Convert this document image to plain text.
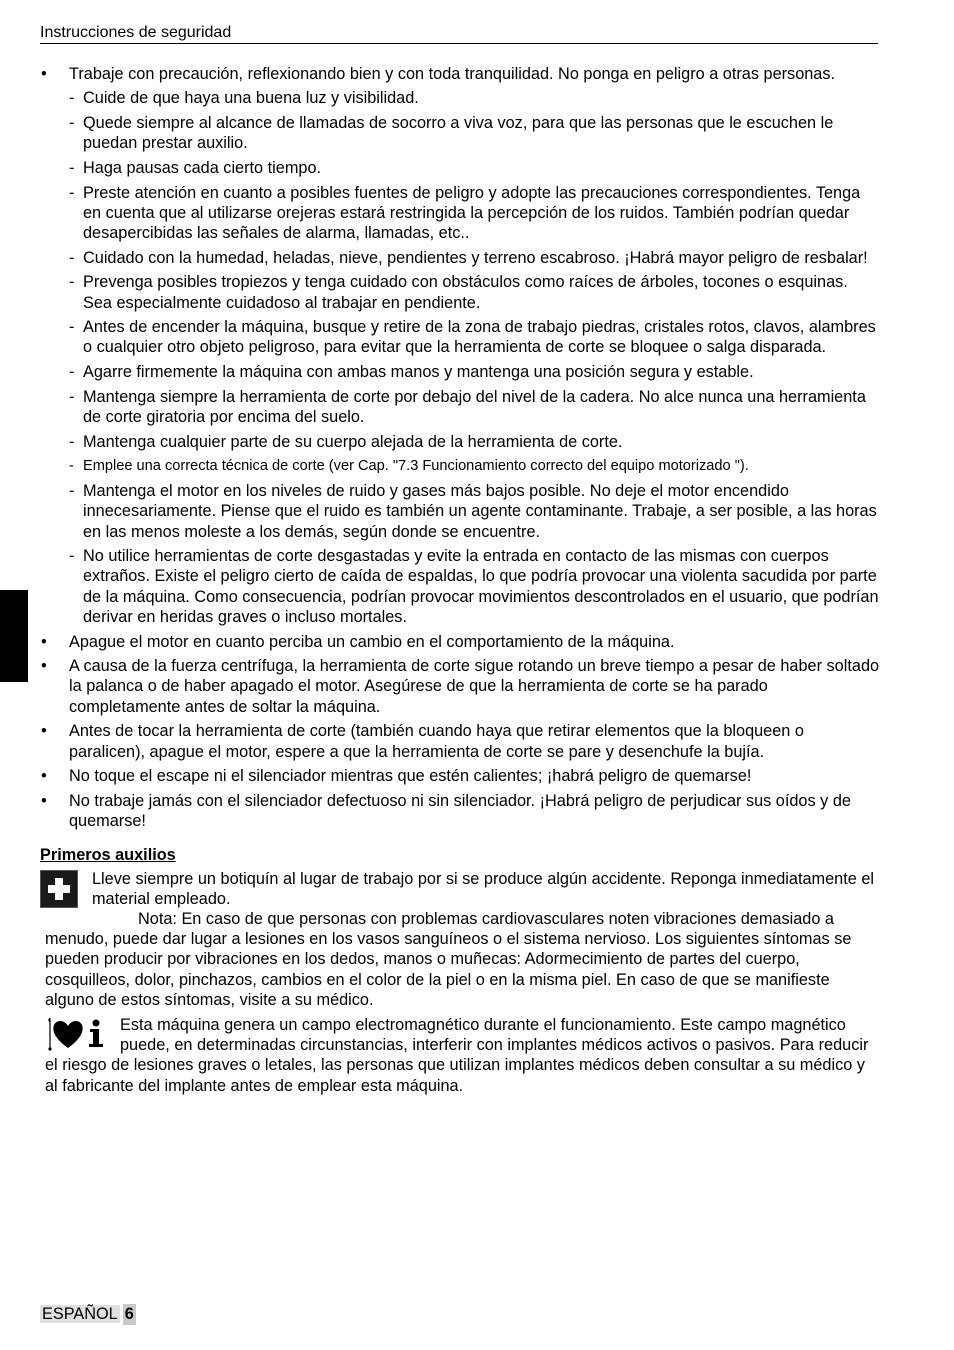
Instrucciones de seguridad
• Trabaje con precaución, reflexionando bien y con toda tranquilidad. No ponga en peligro a otras personas.
- Cuide de que haya una buena luz y visibilidad.
- Quede siempre al alcance de llamadas de socorro a viva voz, para que las personas que le escuchen le puedan prestar auxilio.
- Haga pausas cada cierto tiempo.
- Preste atención en cuanto a posibles fuentes de peligro y adopte las precauciones correspondientes. Tenga en cuenta que al utilizarse orejeras estará restringida la percepción de los ruidos. También podrían quedar desapercibidas las señales de alarma, llamadas, etc..
- Cuidado con la humedad, heladas, nieve, pendientes y terreno escabroso. ¡Habrá mayor peligro de resbalar!
- Prevenga posibles tropiezos y tenga cuidado con obstáculos como raíces de árboles, tocones o esquinas. Sea especialmente cuidadoso al trabajar en pendiente.
- Antes de encender la máquina, busque y retire de la zona de trabajo piedras, cristales rotos, clavos, alambres o cualquier otro objeto peligroso, para evitar que la herramienta de corte se bloquee o salga disparada.
- Agarre firmemente la máquina con ambas manos y mantenga una posición segura y estable.
- Mantenga siempre la herramienta de corte por debajo del nivel de la cadera. No alce nunca una herramienta de corte giratoria por encima del suelo.
- Mantenga cualquier parte de su cuerpo alejada de la herramienta de corte.
- Emplee una correcta técnica de corte (ver Cap. "7.3 Funcionamiento correcto del equipo motorizado ").
- Mantenga el motor en los niveles de ruido y gases más bajos posible. No deje el motor encendido innecesariamente. Piense que el ruido es también un agente contaminante. Trabaje, a ser posible, a las horas en las menos moleste a los demás, según donde se encuentre.
- No utilice herramientas de corte desgastadas y evite la entrada en contacto de las mismas con cuerpos extraños. Existe el peligro cierto de caída de espaldas, lo que podría provocar una violenta sacudida por parte de la máquina. Como consecuencia, podrían provocar movimientos descontrolados en el usuario, que podrían derivar en heridas graves o incluso mortales.
• Apague el motor en cuanto perciba un cambio en el comportamiento de la máquina.
• A causa de la fuerza centrífuga, la herramienta de corte sigue rotando un breve tiempo a pesar de haber soltado la palanca o de haber apagado el motor. Asegúrese de que la herramienta de corte se ha parado completamente antes de soltar la máquina.
• Antes de tocar la herramienta de corte (también cuando haya que retirar elementos que la bloqueen o paralicen), apague el motor, espere a que la herramienta de corte se pare y desenchufe la bujía.
• No toque el escape ni el silenciador mientras que estén calientes; ¡habrá peligro de quemarse!
• No trabaje jamás con el silenciador defectuoso ni sin silenciador. ¡Habrá peligro de perjudicar sus oídos y de quemarse!
Primeros auxilios
Lleve siempre un botiquín al lugar de trabajo por si se produce algún accidente. Reponga inmediatamente el material empleado.
Nota: En caso de que personas con problemas cardiovasculares noten vibraciones demasiado a menudo, puede dar lugar a lesiones en los vasos sanguíneos o el sistema nervioso. Los siguientes síntomas se pueden producir por vibraciones en los dedos, manos o muñecas: Adormecimiento de partes del cuerpo, cosquilleos, dolor, pinchazos, cambios en el color de la piel o en la misma piel. En caso de que se manifieste alguno de estos síntomas, visite a su médico.
Esta máquina genera un campo electromagnético durante el funcionamiento. Este campo magnético puede, en determinadas circunstancias, interferir con implantes médicos activos o pasivos. Para reducir el riesgo de lesiones graves o letales, las personas que utilizan implantes médicos deben consultar a su médico y al fabricante del implante antes de emplear esta máquina.
ESPAÑOL 6
